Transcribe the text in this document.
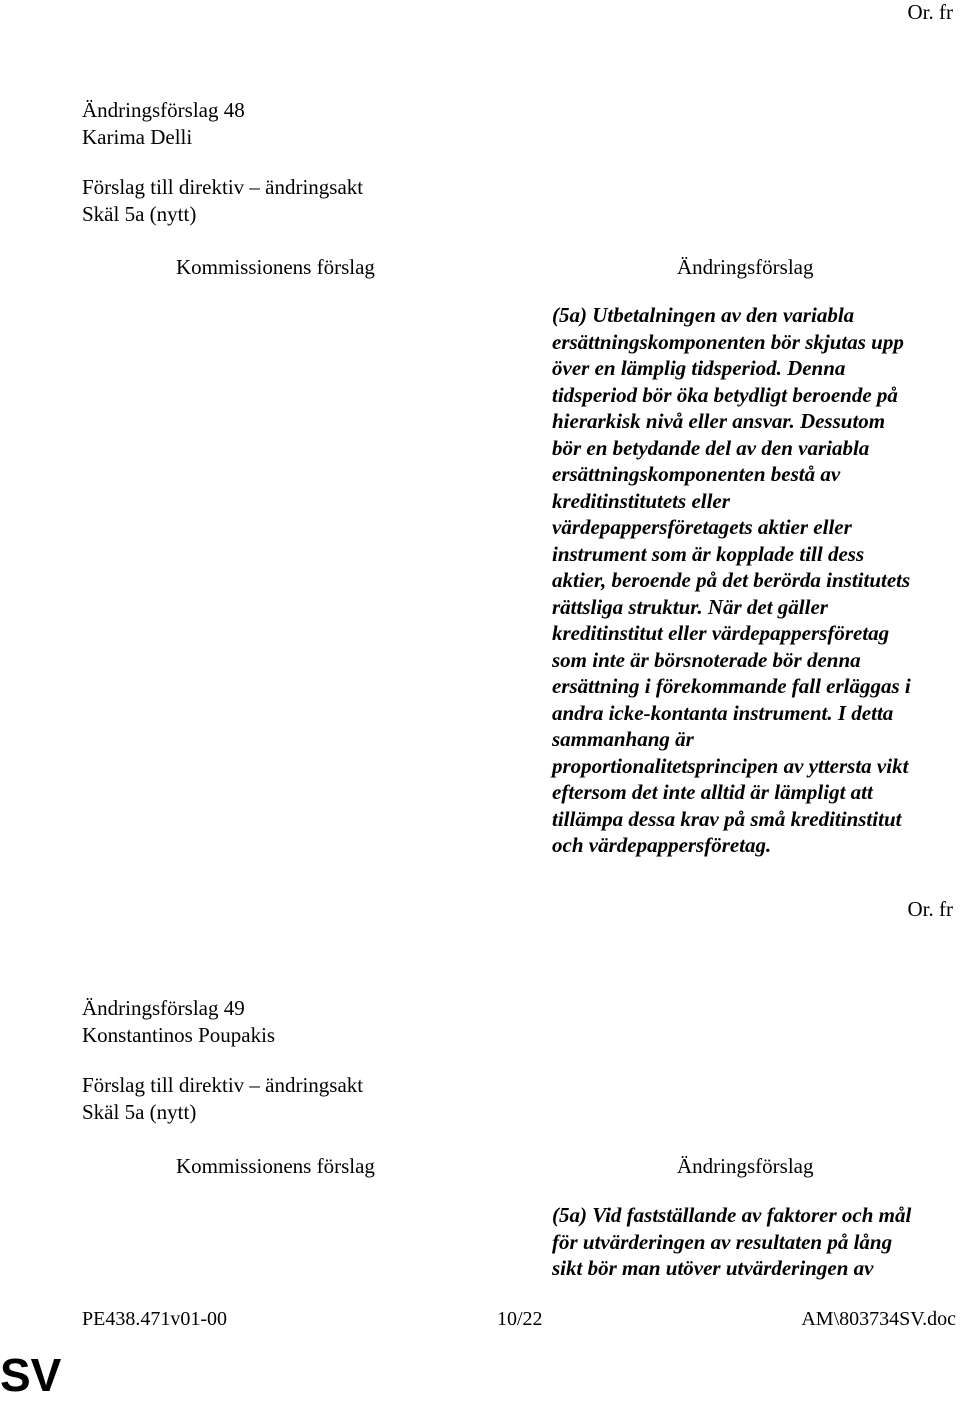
Or. fr
Ändringsförslag 48
Karima Delli
Förslag till direktiv – ändringsakt
Skäl 5a (nytt)
Kommissionens förslag	Ändringsförslag
(5a) Utbetalningen av den variabla
ersättningskomponenten bör skjutas upp
över en lämplig tidsperiod. Denna
tidsperiod bör öka betydligt beroende på
hierarkisk nivå eller ansvar. Dessutom
bör en betydande del av den variabla
ersättningskomponenten bestå av
kreditinstitutets eller
värdepappersföretagets aktier eller
instrument som är kopplade till dess
aktier, beroende på det berörda institutets
rättsliga struktur. När det gäller
kreditinstitut eller värdepappersföretag
som inte är börsnoterade bör denna
ersättning i förekommande fall erläggas i
andra icke-kontanta instrument. I detta
sammanhang är
proportionalitetsprincipen av yttersta vikt
eftersom det inte alltid är lämpligt att
tillämpa dessa krav på små kreditinstitut
och värdepappersföretag.
Or. fr
Ändringsförslag 49
Konstantinos Poupakis
Förslag till direktiv – ändringsakt
Skäl 5a (nytt)
Kommissionens förslag	Ändringsförslag
(5a) Vid fastställande av faktorer och mål
för utvärderingen av resultaten på lång
sikt bör man utöver utvärderingen av
PE438.471v01-00	10/22	AM\803734SV.doc
SV
